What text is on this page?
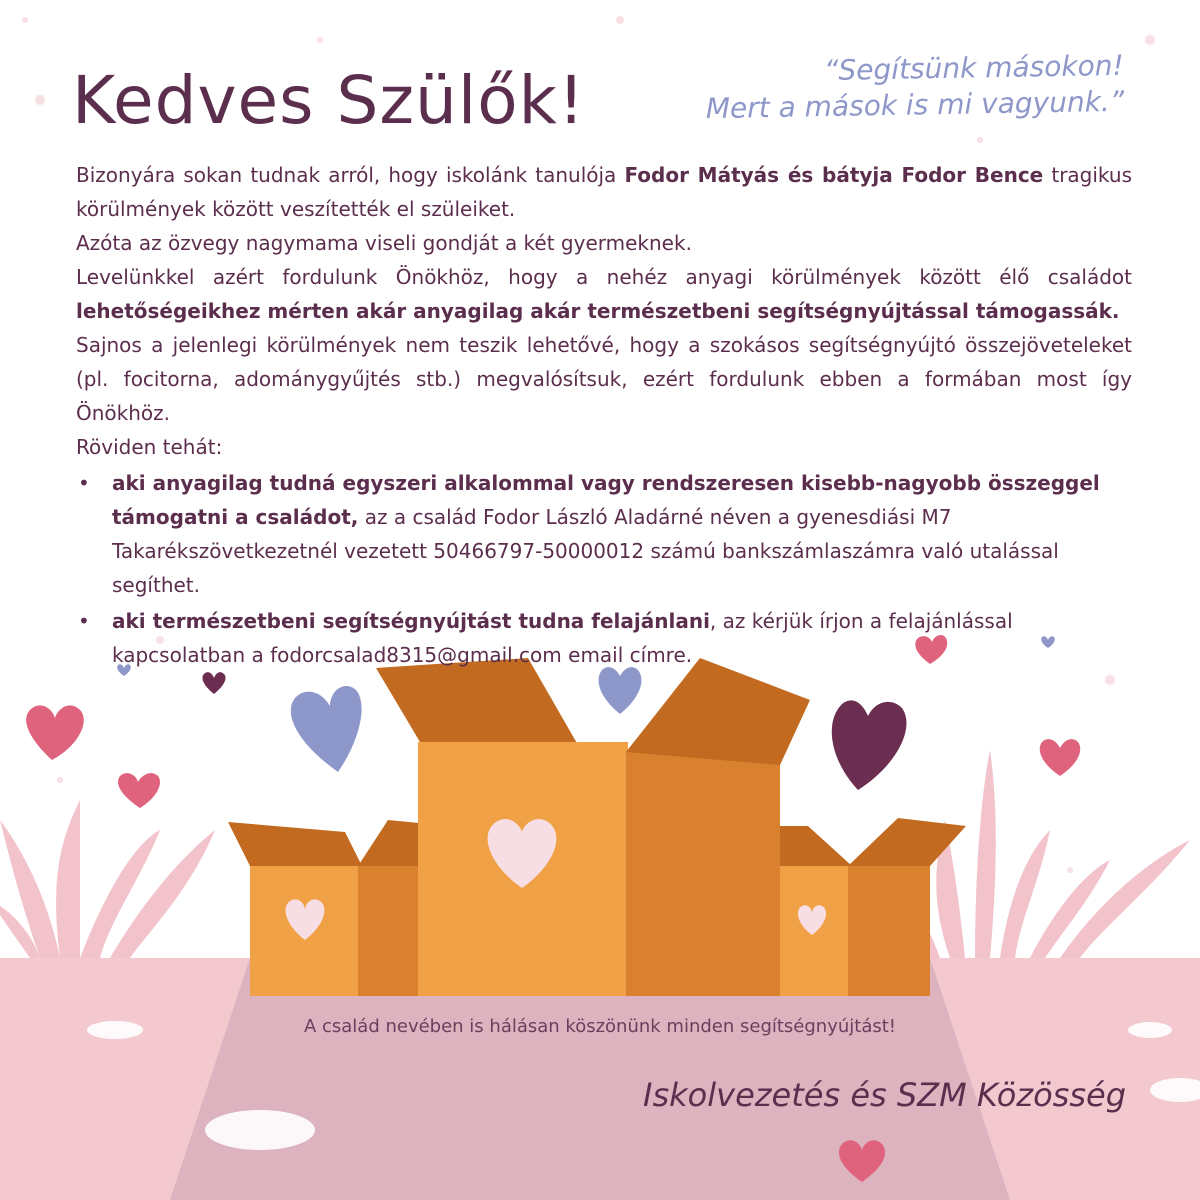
Kedves Szülők!	“Segítsünk másokon!
Mert a mások is mi vagyunk.”

Bizonyára sokan tudnak arról, hogy iskolánk tanulója Fodor Mátyás és bátyja Fodor Bence tragikus körülmények között veszítették el szüleiket.

Azóta az özvegy nagymama viseli gondját a két gyermeknek.

Levelünkkel azért fordulunk Önökhöz, hogy a nehéz anyagi körülmények között élő családot lehetőségeikhez mérten akár anyagilag akár természetbeni segítségnyújtással támogassák.

Sajnos a jelenlegi körülmények nem teszik lehetővé, hogy a szokásos segítségnyújtó összejöveteleket (pl. focitorna, adománygyűjtés stb.) megvalósítsuk, ezért fordulunk ebben a formában most így Önökhöz.

Röviden tehát:

• aki anyagilag tudná egyszeri alkalommal vagy rendszeresen kisebb-nagyobb összeggel támogatni a családot, az a család Fodor László Aladárné néven a gyenesdiási M7 Takarékszövetkezetnél vezetett 50466797-50000012 számú bankszámlaszámra való utalással segíthet.
• aki természetbeni segítségnyújtást tudna felajánlani, az kérjük írjon a felajánlással kapcsolatban a fodorcsalad8315@gmail.com email címre.
A család nevében is hálásan köszönünk minden segítségnyújtást!
Iskolvezetés és SZM Közösség
